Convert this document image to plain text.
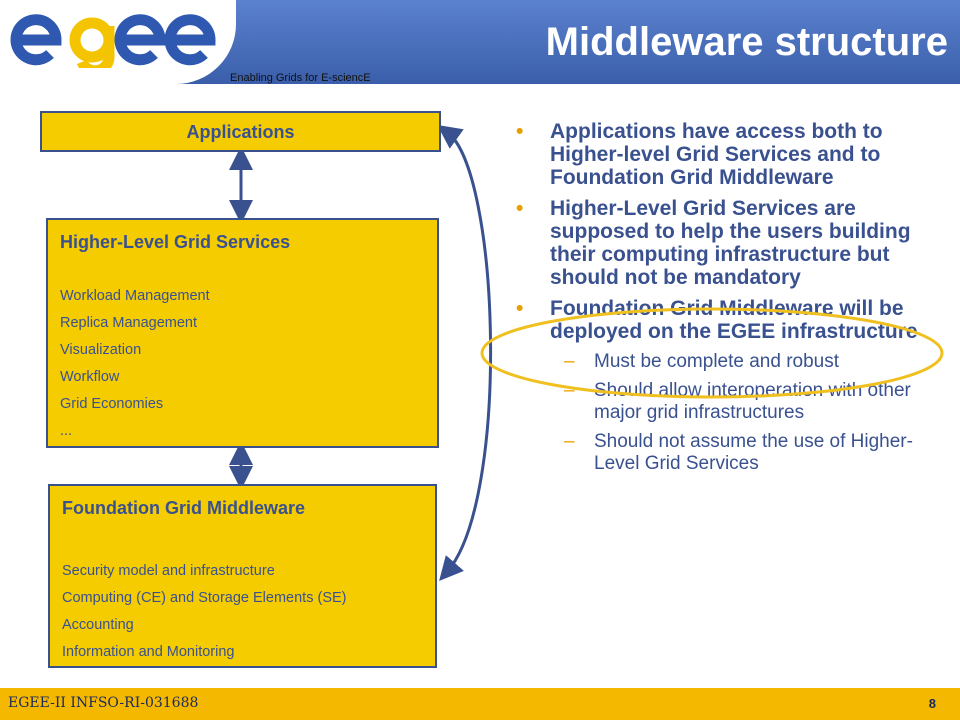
Enabling Grids for E-sciencE
Middleware structure
Applications
Higher-Level Grid Services
Workload Management
Replica Management
Visualization
Workflow
Grid Economies
...
Foundation Grid Middleware
Security model and infrastructure
Computing (CE) and Storage Elements (SE)
Accounting
Information and Monitoring
• Applications have access both to Higher-level Grid Services and to Foundation Grid Middleware
• Higher-Level Grid Services are supposed to help the users building their computing infrastructure but should not be mandatory
• Foundation Grid Middleware will be deployed on the EGEE infrastructure
– Must be complete and robust
– Should allow interoperation with other major grid infrastructures
– Should not assume the use of Higher-Level Grid Services
EGEE-II INFSO-RI-031688	8
